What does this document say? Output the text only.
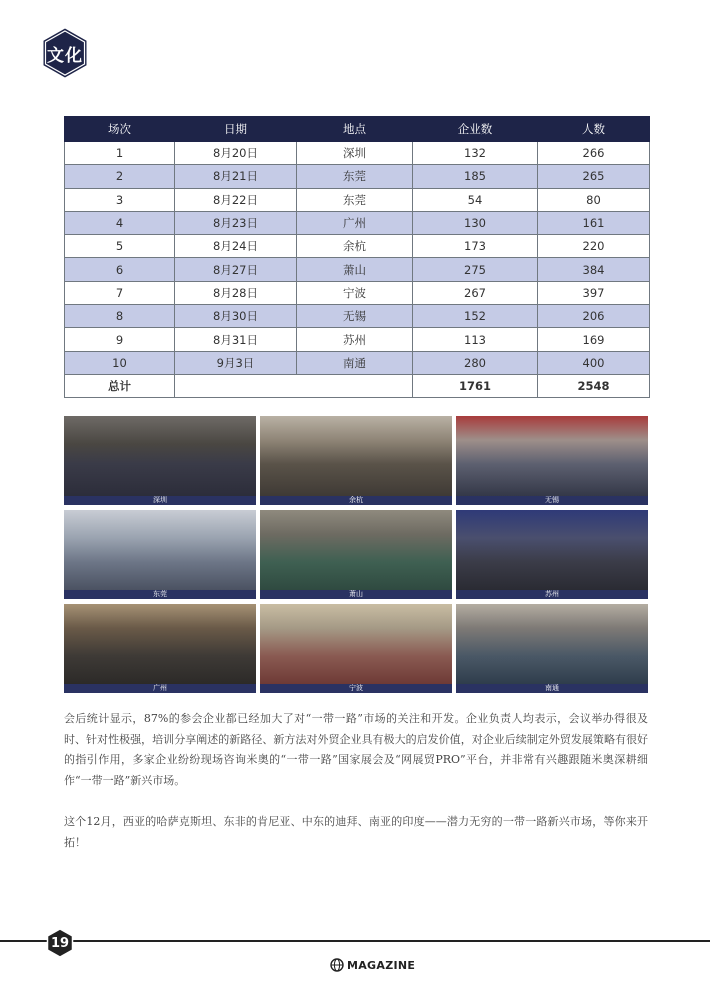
文化
场次	日期	地点	企业数	人数
1	8月20日	深圳	132	266
2	8月21日	东莞	185	265
3	8月22日	东莞	54	80
4	8月23日	广州	130	161
5	8月24日	余杭	173	220
6	8月27日	萧山	275	384
7	8月28日	宁波	267	397
8	8月30日	无锡	152	206
9	8月31日	苏州	113	169
10	9月3日	南通	280	400
总计			1761	2548
深圳	余杭	无锡
东莞	萧山	苏州
广州	宁波	南通

会后统计显示，87%的参会企业都已经加大了对“一带一路”市场的关注和开发。企业负责人均表示，会议举办得很及时、针对性极强，培训分享阐述的新路径、新方法对外贸企业具有极大的启发价值，对企业后续制定外贸发展策略有很好的指引作用，多家企业纷纷现场咨询米奥的“一带一路”国家展会及“网展贸PRO”平台，并非常有兴趣跟随米奥深耕细作“一带一路”新兴市场。

这个12月，西亚的哈萨克斯坦、东非的肯尼亚、中东的迪拜、南亚的印度——潜力无穷的一带一路新兴市场，等你来开拓！

19
MAGAZINE
